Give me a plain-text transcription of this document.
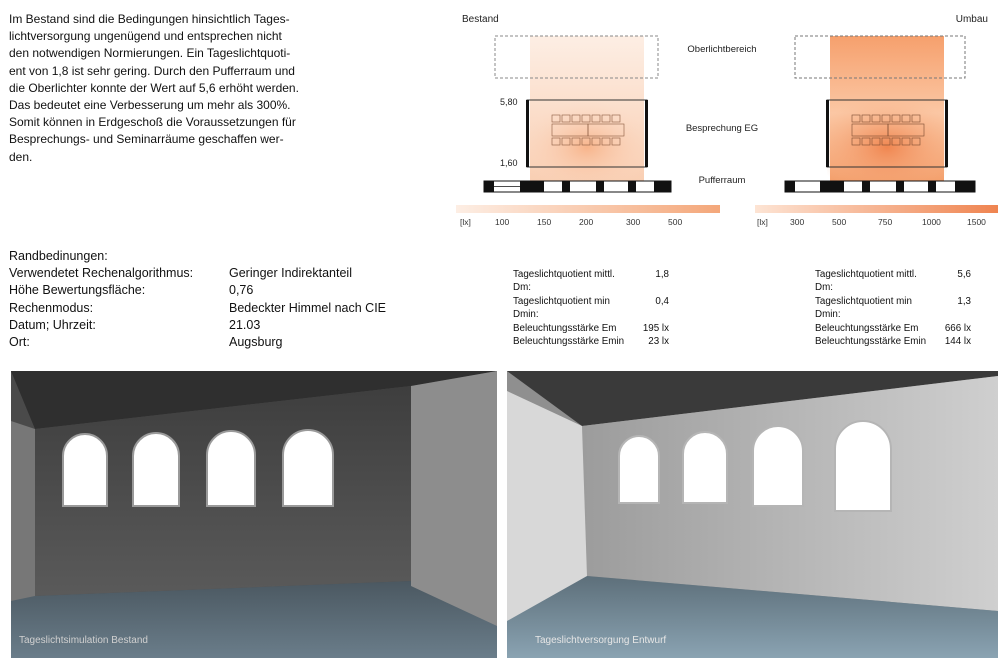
Im Bestand sind die Bedingungen hinsichtlich Tages-
lichtversorgung ungenügend und entsprechen nicht
den notwendigen Normierungen. Ein Tageslichtquoti-
ent von 1,8 ist sehr gering. Durch den Pufferraum und
die Oberlichter konnte der Wert auf 5,6 erhöht werden.
Das bedeutet eine Verbesserung um mehr als 300%.
Somit können in Erdgeschoß die Voraussetzungen für
Besprechungs- und Seminarräume geschaffen wer-
den.
Randbedinungen:
Verwendetet Rechenalgorithmus:	Geringer Indirektanteil
Höhe Bewertungsfläche:	0,76
Rechenmodus:	Bedeckter Himmel nach CIE
Datum; Uhrzeit:	21.03
Ort:	Augsburg
Bestand	Umbau
5,80
1,60
Oberlichtbereich
Besprechung EG
Pufferraum
[lx]	100	150	200	300	500	[lx]	300	500	750	1000	1500
Tageslichtquotient mittl. Dm:
1,8
Tageslichtquotient min Dmin:
0,4
Beleuchtungsstärke Em	195 lx
Beleuchtungsstärke Emin	23 lx
Tageslichtquotient mittl. Dm:
5,6
Tageslichtquotient min Dmin:
1,3
Beleuchtungsstärke Em	666 lx
Beleuchtungsstärke Emin	144 lx
Tageslichtsimulation Bestand	Tageslichtversorgung Entwurf
